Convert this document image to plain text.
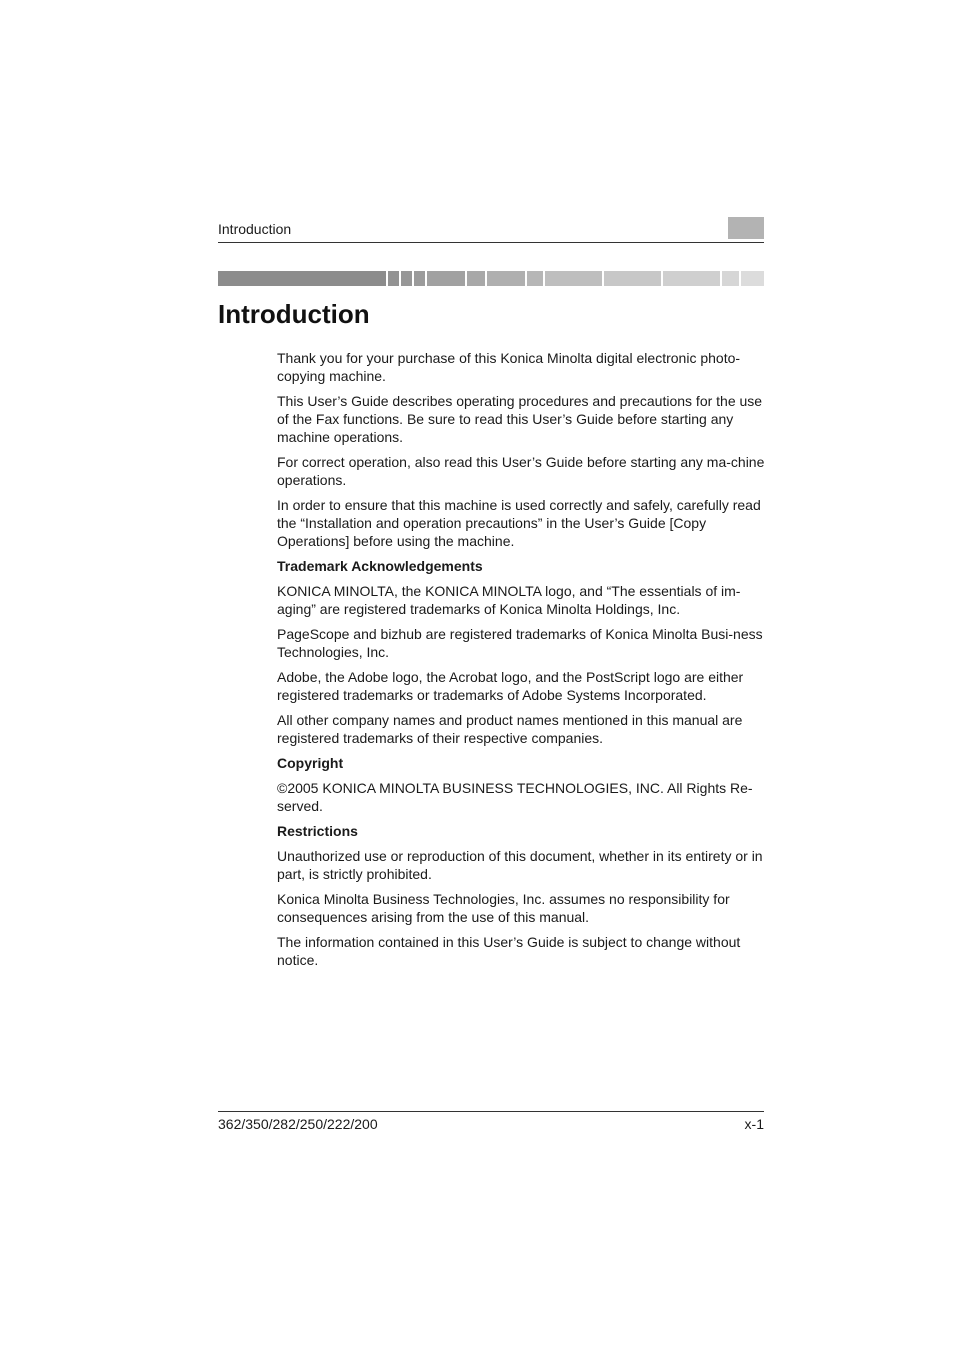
Introduction
Introduction

Thank you for your purchase of this Konica Minolta digital electronic photo-copying machine.

This User’s Guide describes operating procedures and precautions for the use of the Fax functions. Be sure to read this User’s Guide before starting any machine operations.

For correct operation, also read this User’s Guide before starting any ma-chine operations.

In order to ensure that this machine is used correctly and safely, carefully read the “Installation and operation precautions” in the User’s Guide [Copy Operations] before using the machine.

Trademark Acknowledgements

KONICA MINOLTA, the KONICA MINOLTA logo, and “The essentials of im-aging” are registered trademarks of Konica Minolta Holdings, Inc.

PageScope and bizhub are registered trademarks of Konica Minolta Busi-ness Technologies, Inc.

Adobe, the Adobe logo, the Acrobat logo, and the PostScript logo are either registered trademarks or trademarks of Adobe Systems Incorporated.

All other company names and product names mentioned in this manual are registered trademarks of their respective companies.

Copyright

©2005 KONICA MINOLTA BUSINESS TECHNOLOGIES, INC. All Rights Re-served.

Restrictions

Unauthorized use or reproduction of this document, whether in its entirety or in part, is strictly prohibited.

Konica Minolta Business Technologies, Inc. assumes no responsibility for consequences arising from the use of this manual.

The information contained in this User’s Guide is subject to change without notice.

362/350/282/250/222/200	x-1
